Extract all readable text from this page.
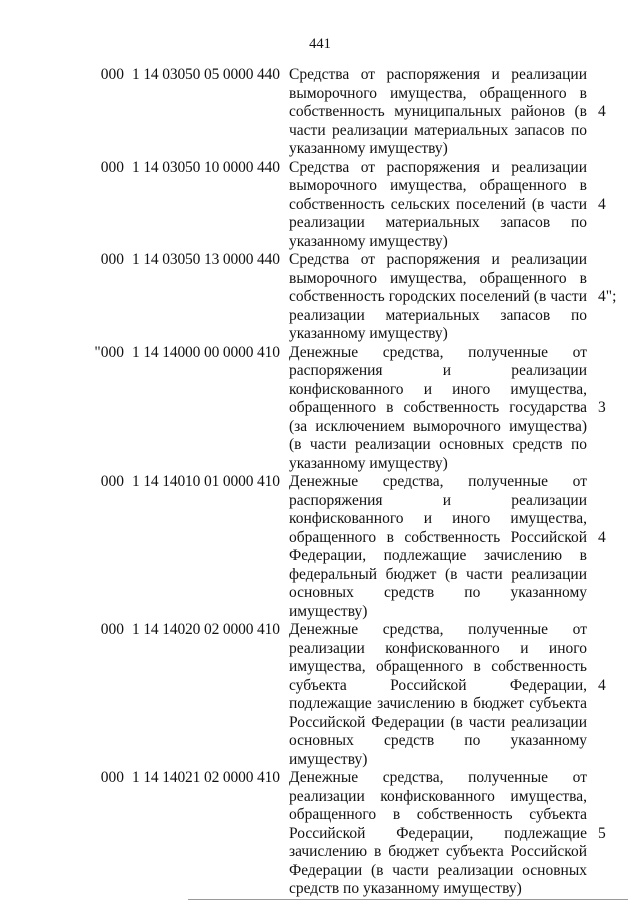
441
000 1 14 03050 05 0000 440 Средства от распоряжения и реализации выморочного имущества, обращенного в собственность муниципальных районов (в части реализации материальных запасов по указанному имуществу)
4
000 1 14 03050 10 0000 440 Средства от распоряжения и реализации выморочного имущества, обращенного в собственность сельских поселений (в части реализации материальных запасов по указанному имуществу)
4
000 1 14 03050 13 0000 440 Средства от распоряжения и реализации выморочного имущества, обращенного в собственность городских поселений (в части реализации материальных запасов по указанному имуществу)
4";
"000 1 14 14000 00 0000 410 Денежные средства, полученные от распоряжения и реализации конфискованного и иного имущества, обращенного в собственность государства (за исключением выморочного имущества) (в части реализации основных средств по указанному имуществу)
3
000 1 14 14010 01 0000 410 Денежные средства, полученные от распоряжения и реализации конфискованного и иного имущества, обращенного в собственность Российской Федерации, подлежащие зачислению в федеральный бюджет (в части реализации основных средств по указанному имуществу)
4
000 1 14 14020 02 0000 410 Денежные средства, полученные от реализации конфискованного и иного имущества, обращенного в собственность субъекта Российской Федерации, подлежащие зачислению в бюджет субъекта Российской Федерации (в части реализации основных средств по указанному имуществу)
4
000 1 14 14021 02 0000 410 Денежные средства, полученные от реализации конфискованного имущества, обращенного в собственность субъекта Российской Федерации, подлежащие зачислению в бюджет субъекта Российской Федерации (в части реализации основных средств по указанному имуществу)
5
